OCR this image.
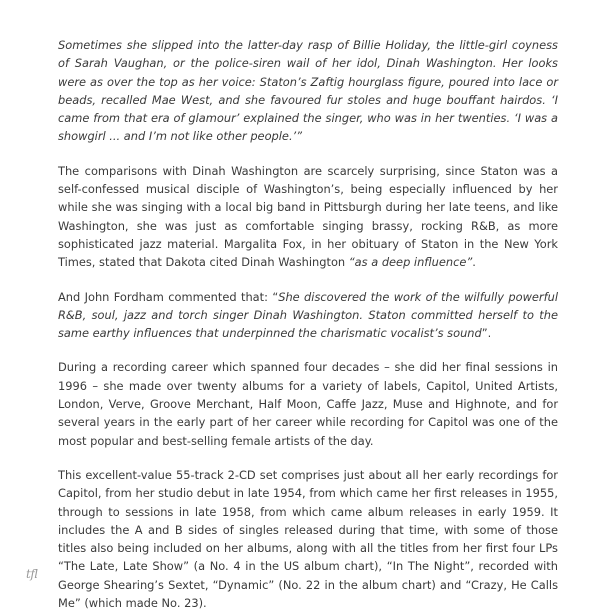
Sometimes she slipped into the latter-day rasp of Billie Holiday, the little-girl coyness of Sarah Vaughan, or the police-siren wail of her idol, Dinah Washington. Her looks were as over the top as her voice: Staton’s Zaftig hourglass figure, poured into lace or beads, recalled Mae West, and she favoured fur stoles and huge bouffant hairdos. ‘I came from that era of glamour’ explained the singer, who was in her twenties. ‘I was a showgirl ... and I’m not like other people.’”

The comparisons with Dinah Washington are scarcely surprising, since Staton was a self-confessed musical disciple of Washington’s, being especially influenced by her while she was singing with a local big band in Pittsburgh during her late teens, and like Washington, she was just as comfortable singing brassy, rocking R&B, as more sophisticated jazz material. Margalita Fox, in her obituary of Staton in the New York Times, stated that Dakota cited Dinah Washington “as a deep influence”.

And John Fordham commented that: “She discovered the work of the wilfully powerful R&B, soul, jazz and torch singer Dinah Washington. Staton committed herself to the same earthy influences that underpinned the charismatic vocalist’s sound”.

During a recording career which spanned four decades – she did her final sessions in 1996 – she made over twenty albums for a variety of labels, Capitol, United Artists, London, Verve, Groove Merchant, Half Moon, Caffe Jazz, Muse and Highnote, and for several years in the early part of her career while recording for Capitol was one of the most popular and best-selling female artists of the day.

This excellent-value 55-track 2-CD set comprises just about all her early recordings for Capitol, from her studio debut in late 1954, from which came her first releases in 1955, through to sessions in late 1958, from which came album releases in early 1959. It includes the A and B sides of singles released during that time, with some of those titles also being included on her albums, along with all the titles from her first four LPs “The Late, Late Show” (a No. 4 in the US album chart), “In The Night”, recorded with George Shearing’s Sextet, “Dynamic” (No. 22 in the album chart) and “Crazy, He Calls Me” (which made No. 23).

tfl
